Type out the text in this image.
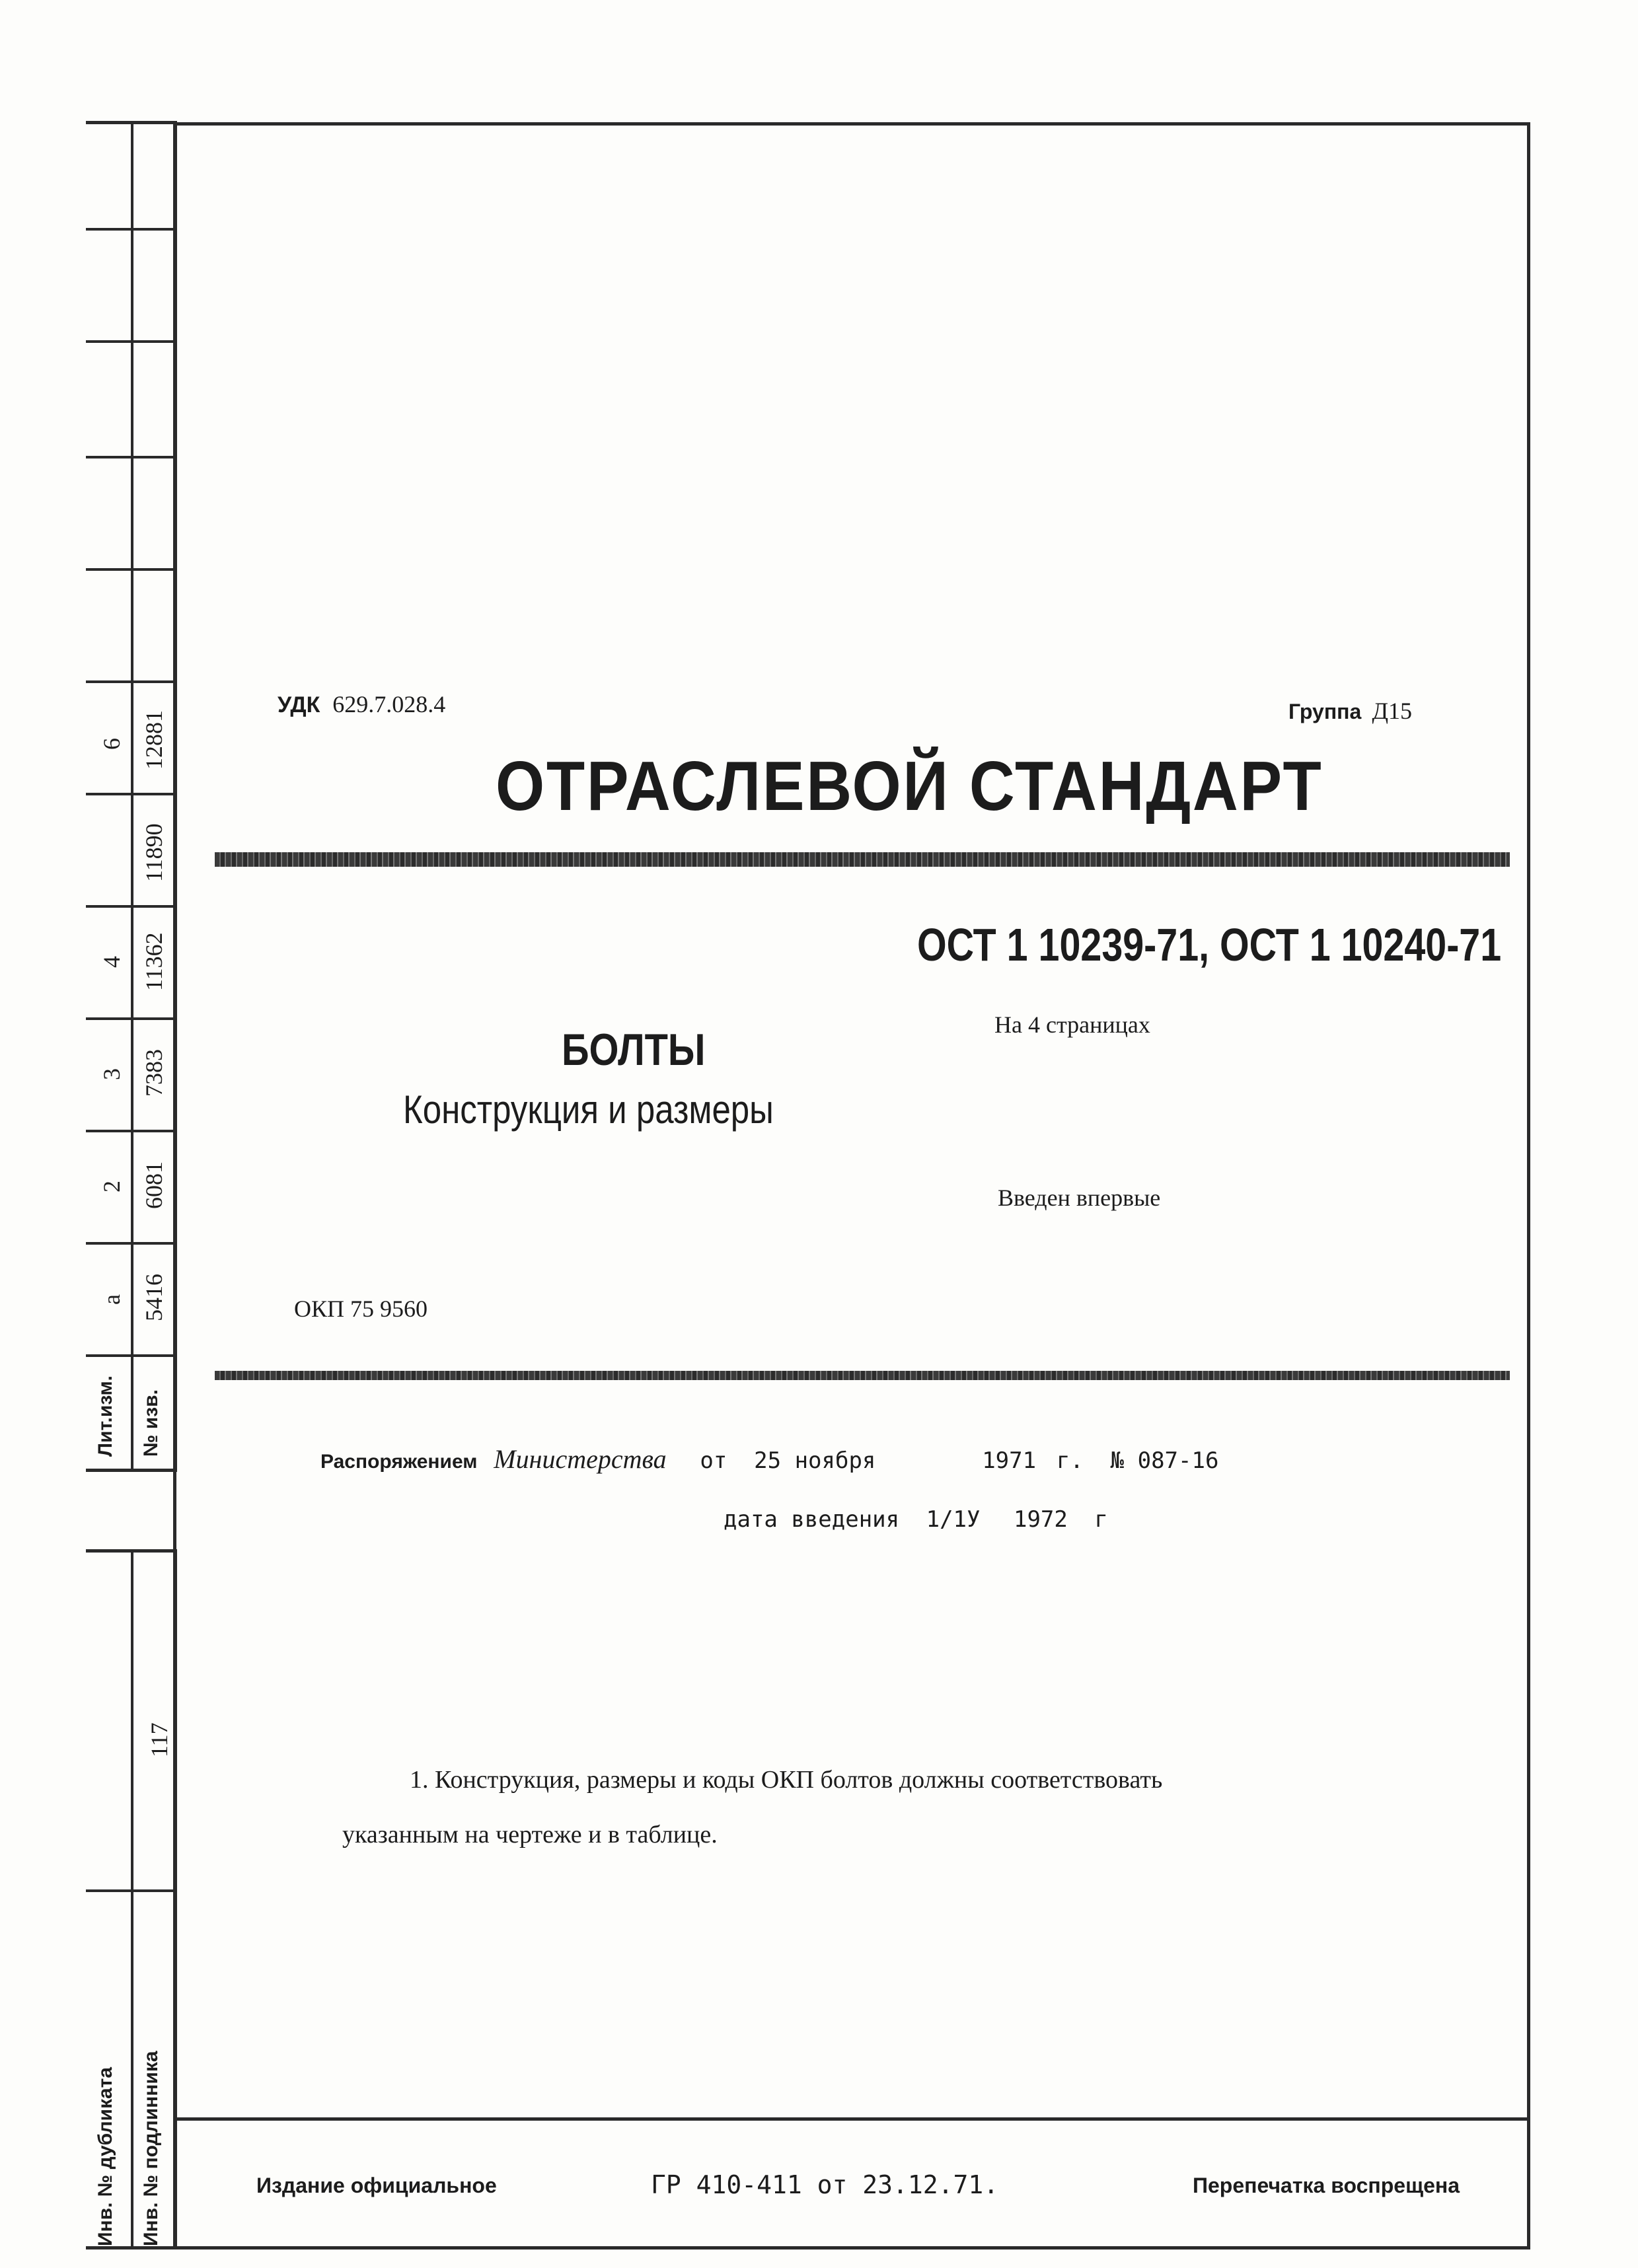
Лит.изм. № изв.
а 5416
2 6081
3 7383
4 11362
11890
6 12881
Инв. № дубликата Инв. № подлинника
117
УДК 629.7.028.4	Группа Д15
ОТРАСЛЕВОЙ СТАНДАРТ
ОСТ 1 10239-71, ОСТ 1 10240-71
На 4 страницах
БОЛТЫ
Конструкция и размеры
Введен впервые
ОКП 75 9560
Распоряжением Министерства от 25 ноября	1971 г. № 087-16
дата введения 1/1У 1972 г
1. Конструкция, размеры и коды ОКП болтов должны соответствовать
указанным на чертеже и в таблице.
Издание официальное	ГР 410-411 от 23.12.71.	Перепечатка воспрещена
